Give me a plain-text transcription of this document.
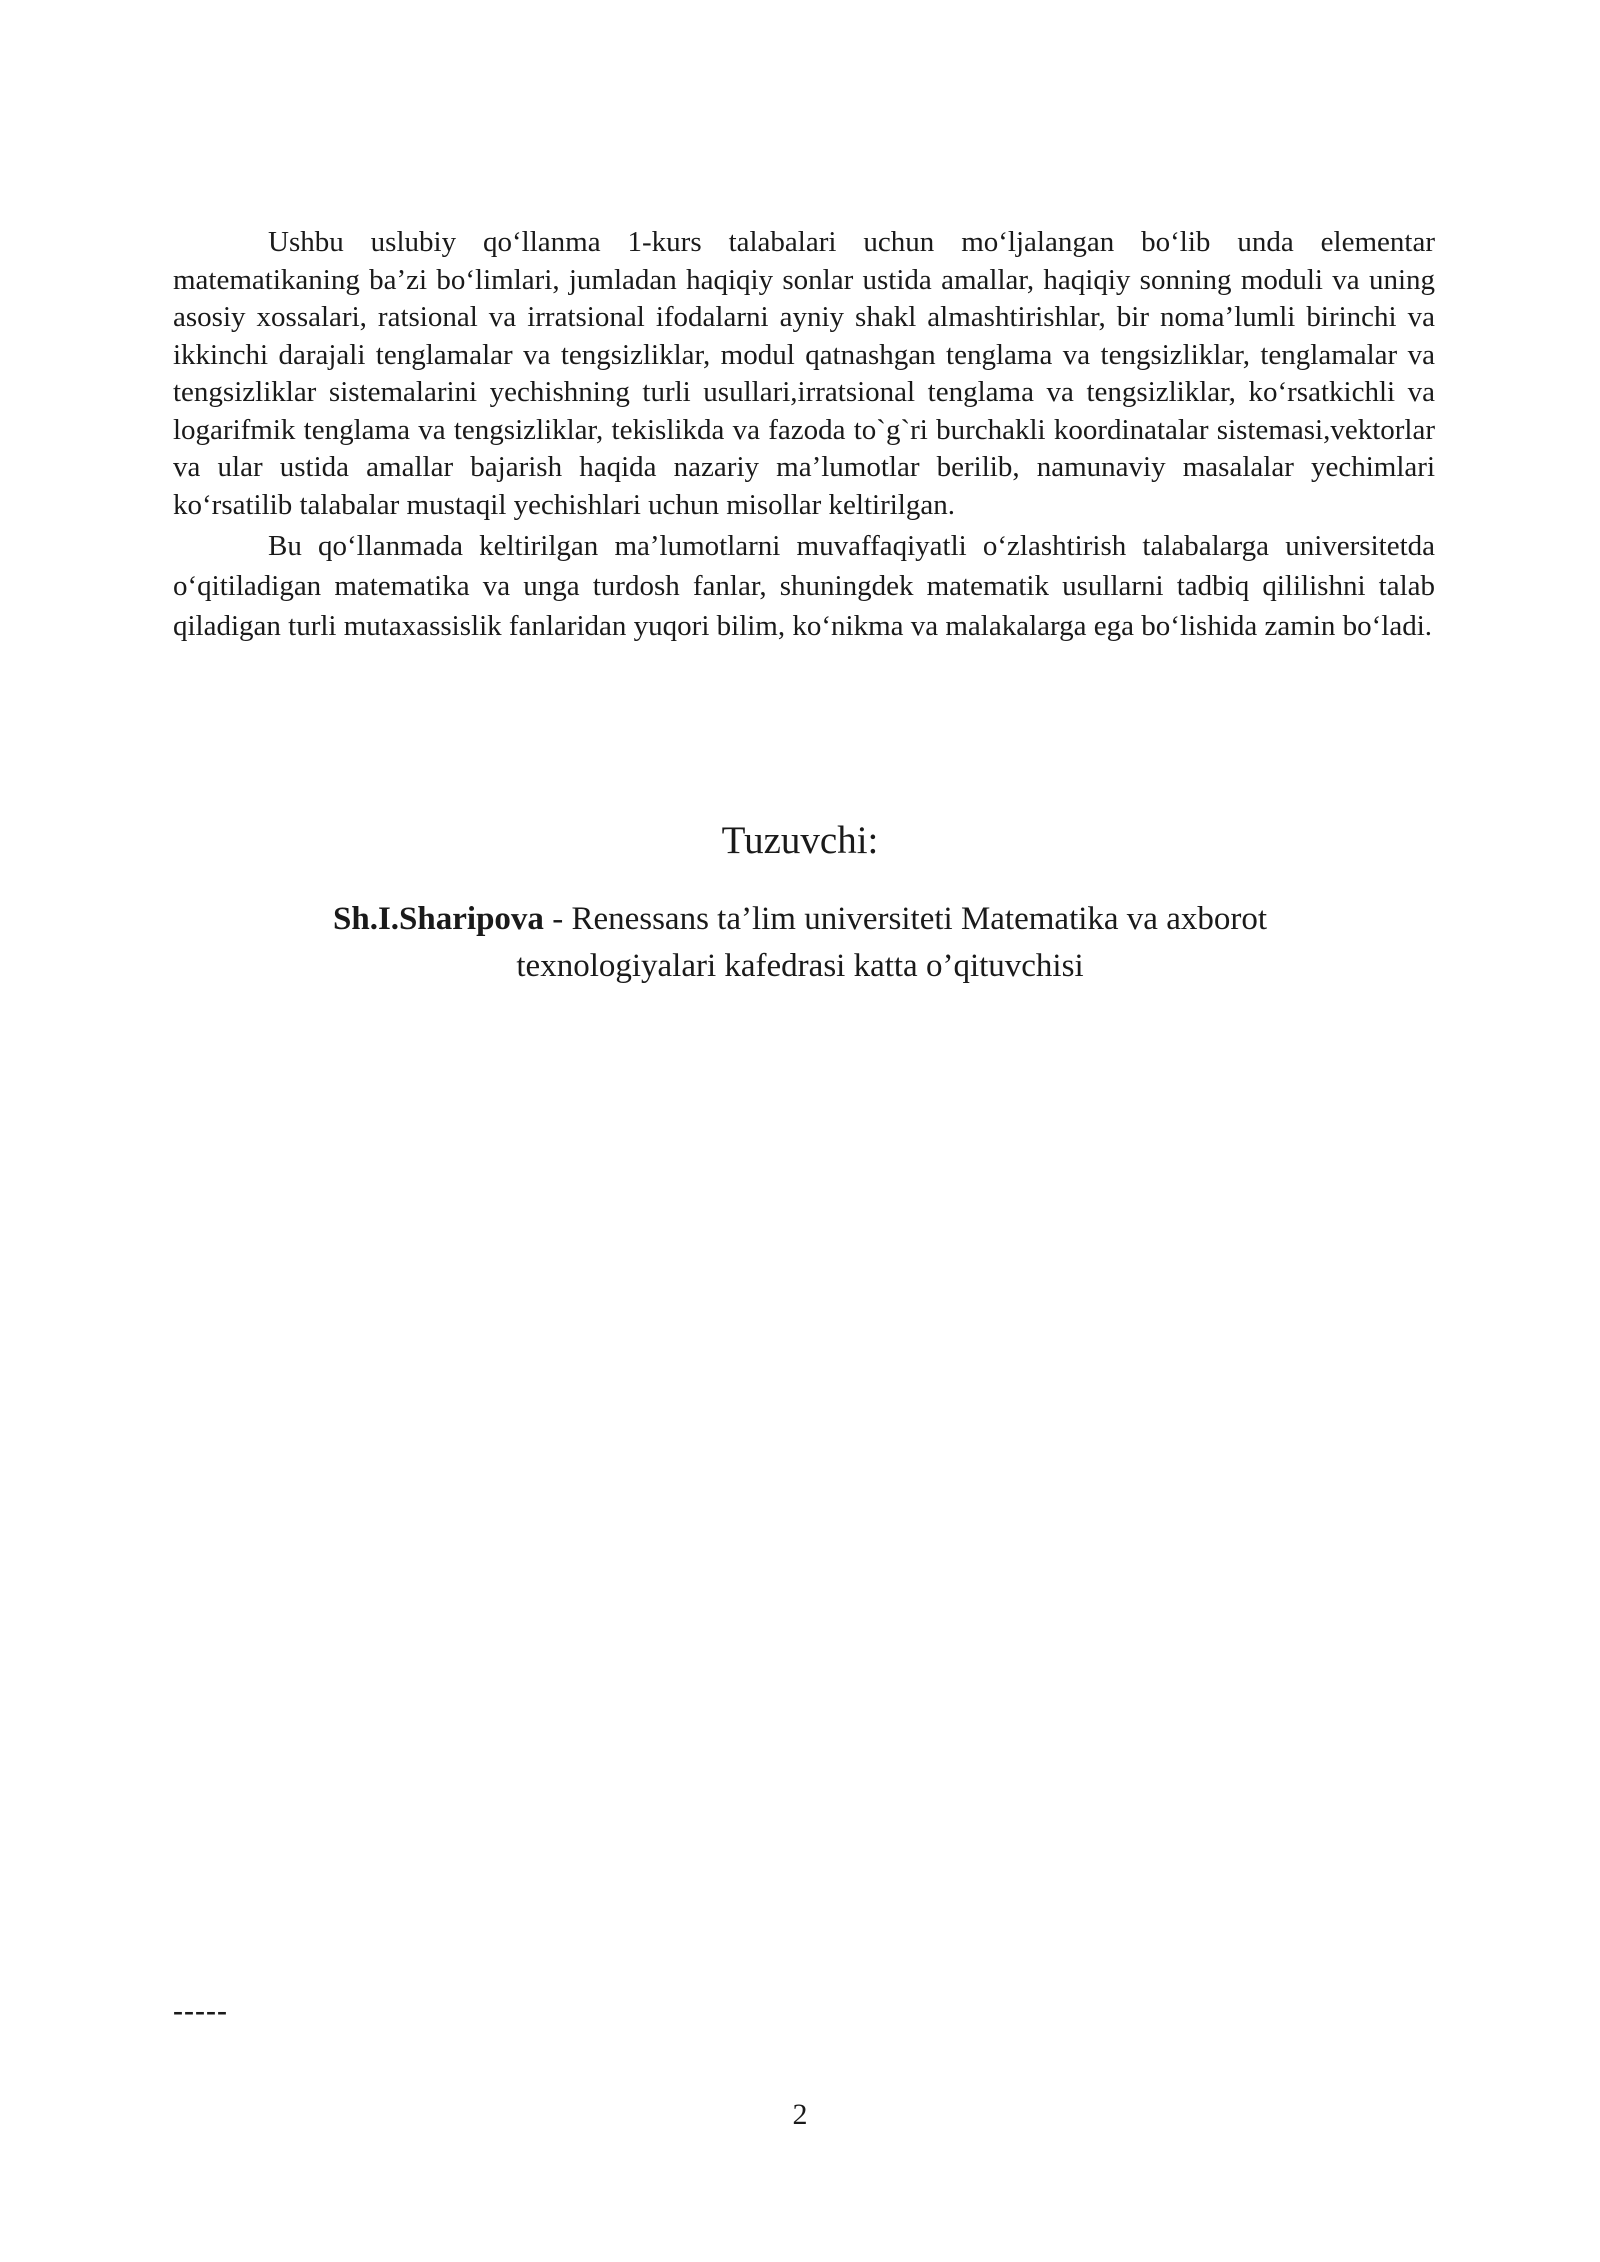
Ushbu uslubiy qo‘llanma 1-kurs talabalari uchun mo‘ljalangan bo‘lib unda elementar matematikaning ba’zi bo‘limlari, jumladan haqiqiy sonlar ustida amallar, haqiqiy sonning moduli va uning asosiy xossalari, ratsional va irratsional ifodalarni ayniy shakl almashtirishlar, bir noma’lumli birinchi va ikkinchi darajali tenglamalar va tengsizliklar, modul qatnashgan tenglama va tengsizliklar, tenglamalar va tengsizliklar sistemalarini yechishning turli usullari,irratsional tenglama va tengsizliklar, ko‘rsatkichli va logarifmik tenglama va tengsizliklar, tekislikda va fazoda to`g`ri burchakli koordinatalar sistemasi,vektorlar va ular ustida amallar bajarish haqida nazariy ma’lumotlar berilib, namunaviy masalalar yechimlari ko‘rsatilib talabalar mustaqil yechishlari uchun misollar keltirilgan.

Bu qo‘llanmada keltirilgan ma’lumotlarni muvaffaqiyatli o‘zlashtirish talabalarga universitetda o‘qitiladigan matematika va unga turdosh fanlar, shuningdek matematik usullarni tadbiq qililishni talab qiladigan turli mutaxassislik fanlaridan yuqori bilim, ko‘nikma va malakalarga ega bo‘lishida zamin bo‘ladi.

Tuzuvchi:
Sh.I.Sharipova - Renessans ta’lim universiteti Matematika va axborot texnologiyalari kafedrasi katta o’qituvchisi
-----
2
